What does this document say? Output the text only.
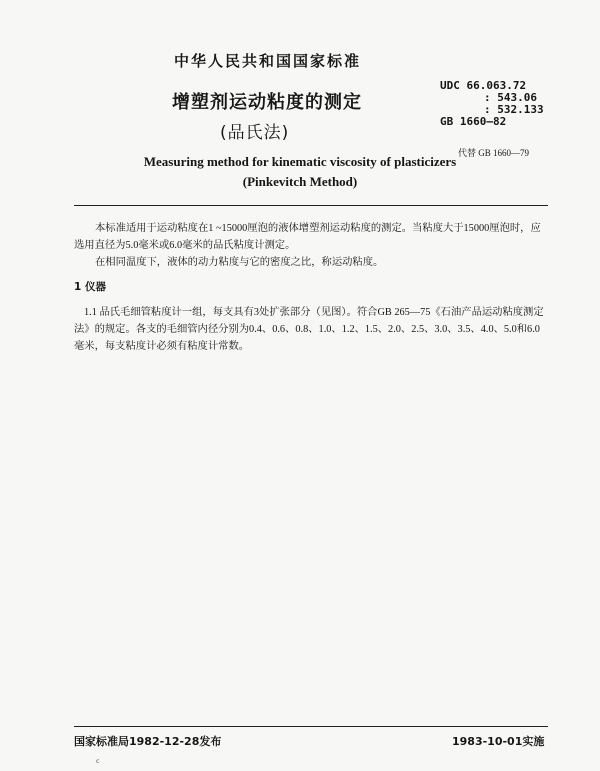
中华人民共和国国家标准
增塑剂运动粘度的测定
(品氏法)
UDC 66.063.72

: 543.06
: 532.133
GB 1660—82
代替 GB 1660—79
Measuring method for kinematic viscosity of plasticizers
(Pinkevitch Method)

本标准适用于运动粘度在1 ~15000厘泡的液体增塑剂运动粘度的测定。当粘度大于15000厘泡时，应选用直径为5.0毫米或6.0毫米的品氏粘度计测定。

在相同温度下，液体的动力粘度与它的密度之比，称运动粘度。

1 仪器

1.1 品氏毛细管粘度计一组，每支具有3处扩张部分（见图）。符合GB 265—75《石油产品运动粘度测定法》的规定。各支的毛细管内径分别为0.4、0.6、0.8、1.0、1.2、1.5、2.0、2.5、3.0、3.5、4.0、5.0和6.0毫米，每支粘度计必须有粘度计常数。

国家标准局1982-12-28发布	1983-10-01实施
c
